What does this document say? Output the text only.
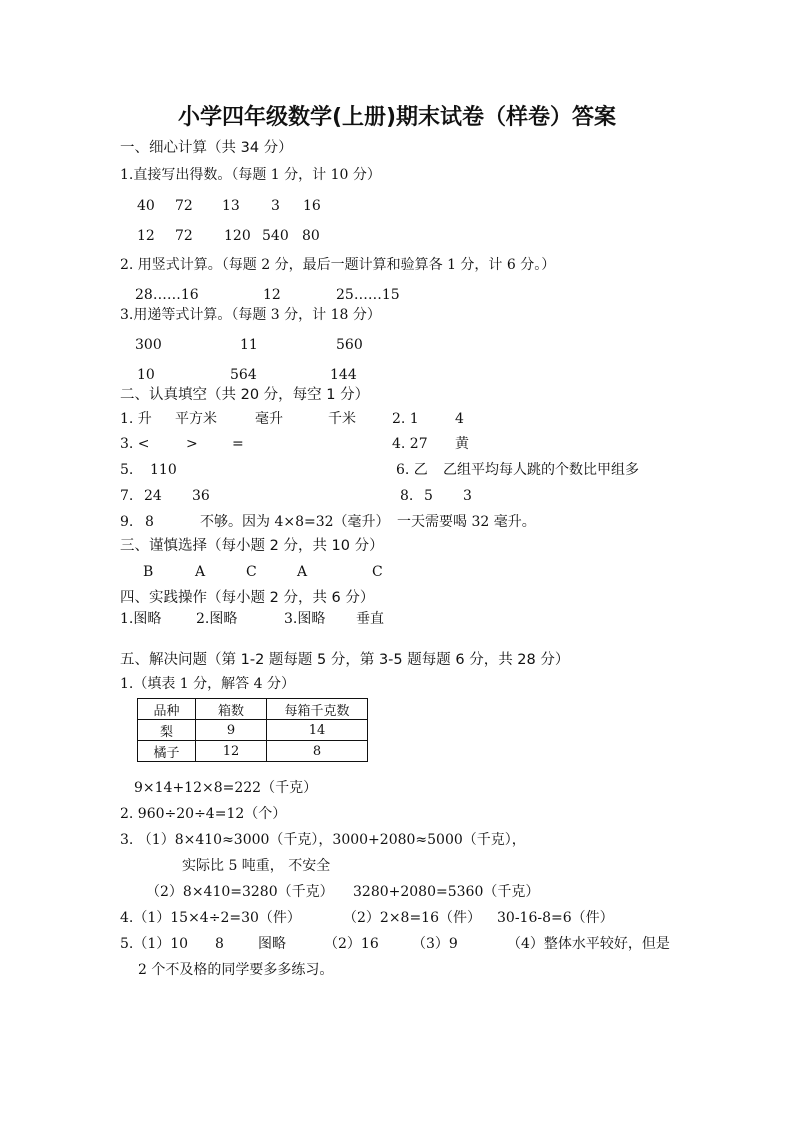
小学四年级数学(上册)期末试卷（样卷）答案
一、细心计算（共 34 分）
1.直接写出得数。（每题 1 分，计 10 分）
40 72 13 3 16
12 72 120 540 80
2. 用竖式计算。（每题 2 分，最后一题计算和验算各 1 分，计 6 分。）
28……16	12	25……15
3.用递等式计算。（每题 3 分，计 18 分）
300	11	560
10	564	144
二、认真填空（共 20 分，每空 1 分）
1. 升 平方米	毫升	千米	2. 1	4
3. <	> =	4. 27 黄
5. 110	6. 乙 乙组平均每人跳的个数比甲组多
7. 24 36	8. 5 3
9. 8	不够。因为 4×8=32（毫升） 一天需要喝 32 毫升。
三、谨慎选择（每小题 2 分，共 10 分）
B	A	C	A	C
四、实践操作（每小题 2 分，共 6 分）
1.图略 2.图略	3.图略 垂直
五、解决问题（第 1-2 题每题 5 分，第 3-5 题每题 6 分，共 28 分）
1.（填表 1 分，解答 4 分）
品种	箱数	每箱千克数
梨	9	14
橘子	12	8
9×14+12×8=222（千克）
2. 960÷20÷4=12（个）
3. （1）8×410≈3000（千克），3000+2080≈5000（千克），
实际比 5 吨重， 不安全
（2）8×410=3280（千克） 3280+2080=5360（千克）
4.（1）15×4÷2=30（件）	（2）2×8=16（件） 30-16-8=6（件）
5.（1）10 8 图略	（2）16 （3）9	（4）整体水平较好，但是
2 个不及格的同学要多多练习。
